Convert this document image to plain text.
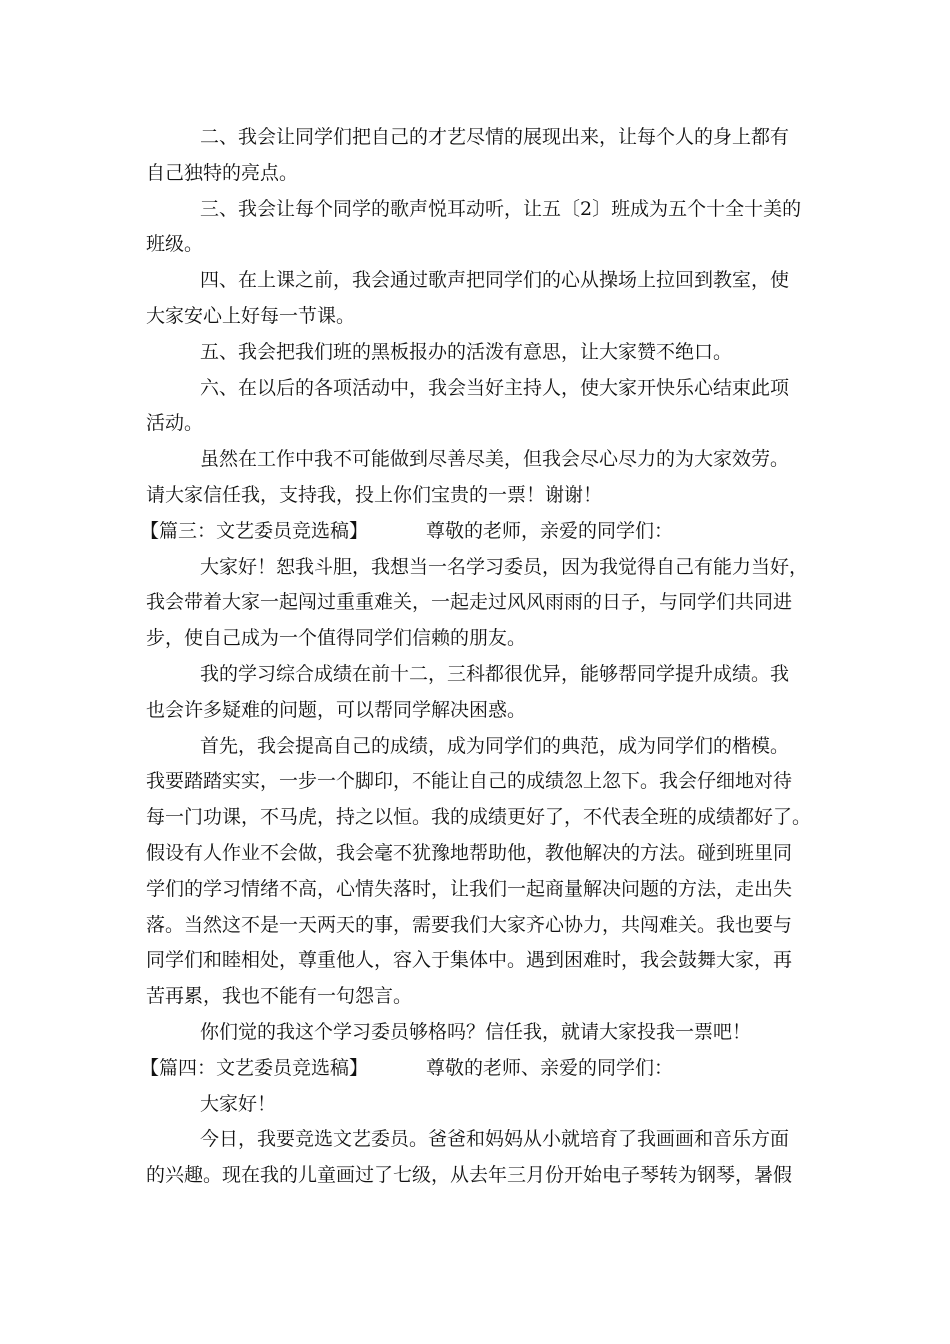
二、我会让同学们把自己的才艺尽情的展现出来，让每个人的身上都有
自己独特的亮点。
三、我会让每个同学的歌声悦耳动听，让五〔2〕班成为五个十全十美的
班级。
四、在上课之前，我会通过歌声把同学们的心从操场上拉回到教室，使
大家安心上好每一节课。
五、我会把我们班的黑板报办的活泼有意思，让大家赞不绝口。
六、在以后的各项活动中，我会当好主持人，使大家开快乐心结束此项
活动。
虽然在工作中我不可能做到尽善尽美，但我会尽心尽力的为大家效劳。
请大家信任我，支持我，投上你们宝贵的一票！谢谢！
【篇三：文艺委员竞选稿】	尊敬的老师，亲爱的同学们：
大家好！恕我斗胆，我想当一名学习委员，因为我觉得自己有能力当好，
我会带着大家一起闯过重重难关，一起走过风风雨雨的日子，与同学们共同进
步，使自己成为一个值得同学们信赖的朋友。
我的学习综合成绩在前十二，三科都很优异，能够帮同学提升成绩。我
也会许多疑难的问题，可以帮同学解决困惑。
首先，我会提高自己的成绩，成为同学们的典范，成为同学们的楷模。
我要踏踏实实，一步一个脚印，不能让自己的成绩忽上忽下。我会仔细地对待
每一门功课，不马虎，持之以恒。我的成绩更好了，不代表全班的成绩都好了。
假设有人作业不会做，我会毫不犹豫地帮助他，教他解决的方法。碰到班里同
学们的学习情绪不高，心情失落时，让我们一起商量解决问题的方法，走出失
落。当然这不是一天两天的事，需要我们大家齐心协力，共闯难关。我也要与
同学们和睦相处，尊重他人，容入于集体中。遇到困难时，我会鼓舞大家，再
苦再累，我也不能有一句怨言。
你们觉的我这个学习委员够格吗？信任我，就请大家投我一票吧！
【篇四：文艺委员竞选稿】	尊敬的老师、亲爱的同学们：
大家好！
今日，我要竞选文艺委员。爸爸和妈妈从小就培育了我画画和音乐方面
的兴趣。现在我的儿童画过了七级，从去年三月份开始电子琴转为钢琴，暑假
